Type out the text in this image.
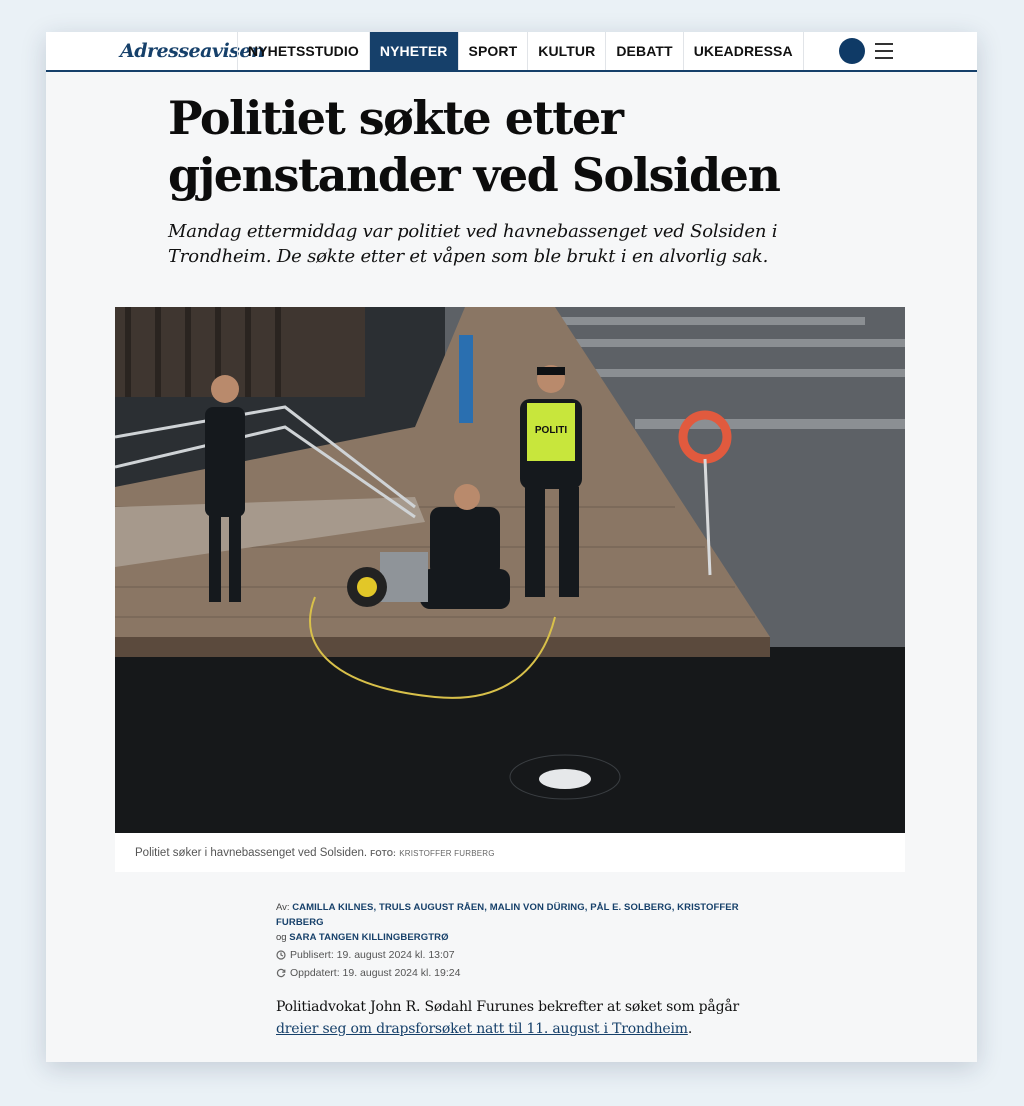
Adresseavisen
NYHETSSTUDIO	NYHETER	SPORT	KULTUR	DEBATT	UKEADRESSA
Politiet søkte etter
gjenstander ved Solsiden

Mandag ettermiddag var politiet ved havnebassenget ved Solsiden i Trondheim. De søkte etter et våpen som ble brukt i en alvorlig sak.

POLITI
Politiet søker i havnebassenget ved Solsiden. FOTO: KRISTOFFER FURBERG
Av: CAMILLA KILNES, TRULS AUGUST RÅEN, MALIN VON DÜRING, PÅL E. SOLBERG, KRISTOFFER FURBERG
og SARA TANGEN KILLINGBERGTRØ
Publisert: 19. august 2024 kl. 13:07
Oppdatert: 19. august 2024 kl. 19:24

Politiadvokat John R. Sødahl Furunes bekrefter at søket som pågår dreier seg om drapsforsøket natt til 11. august i Trondheim.
